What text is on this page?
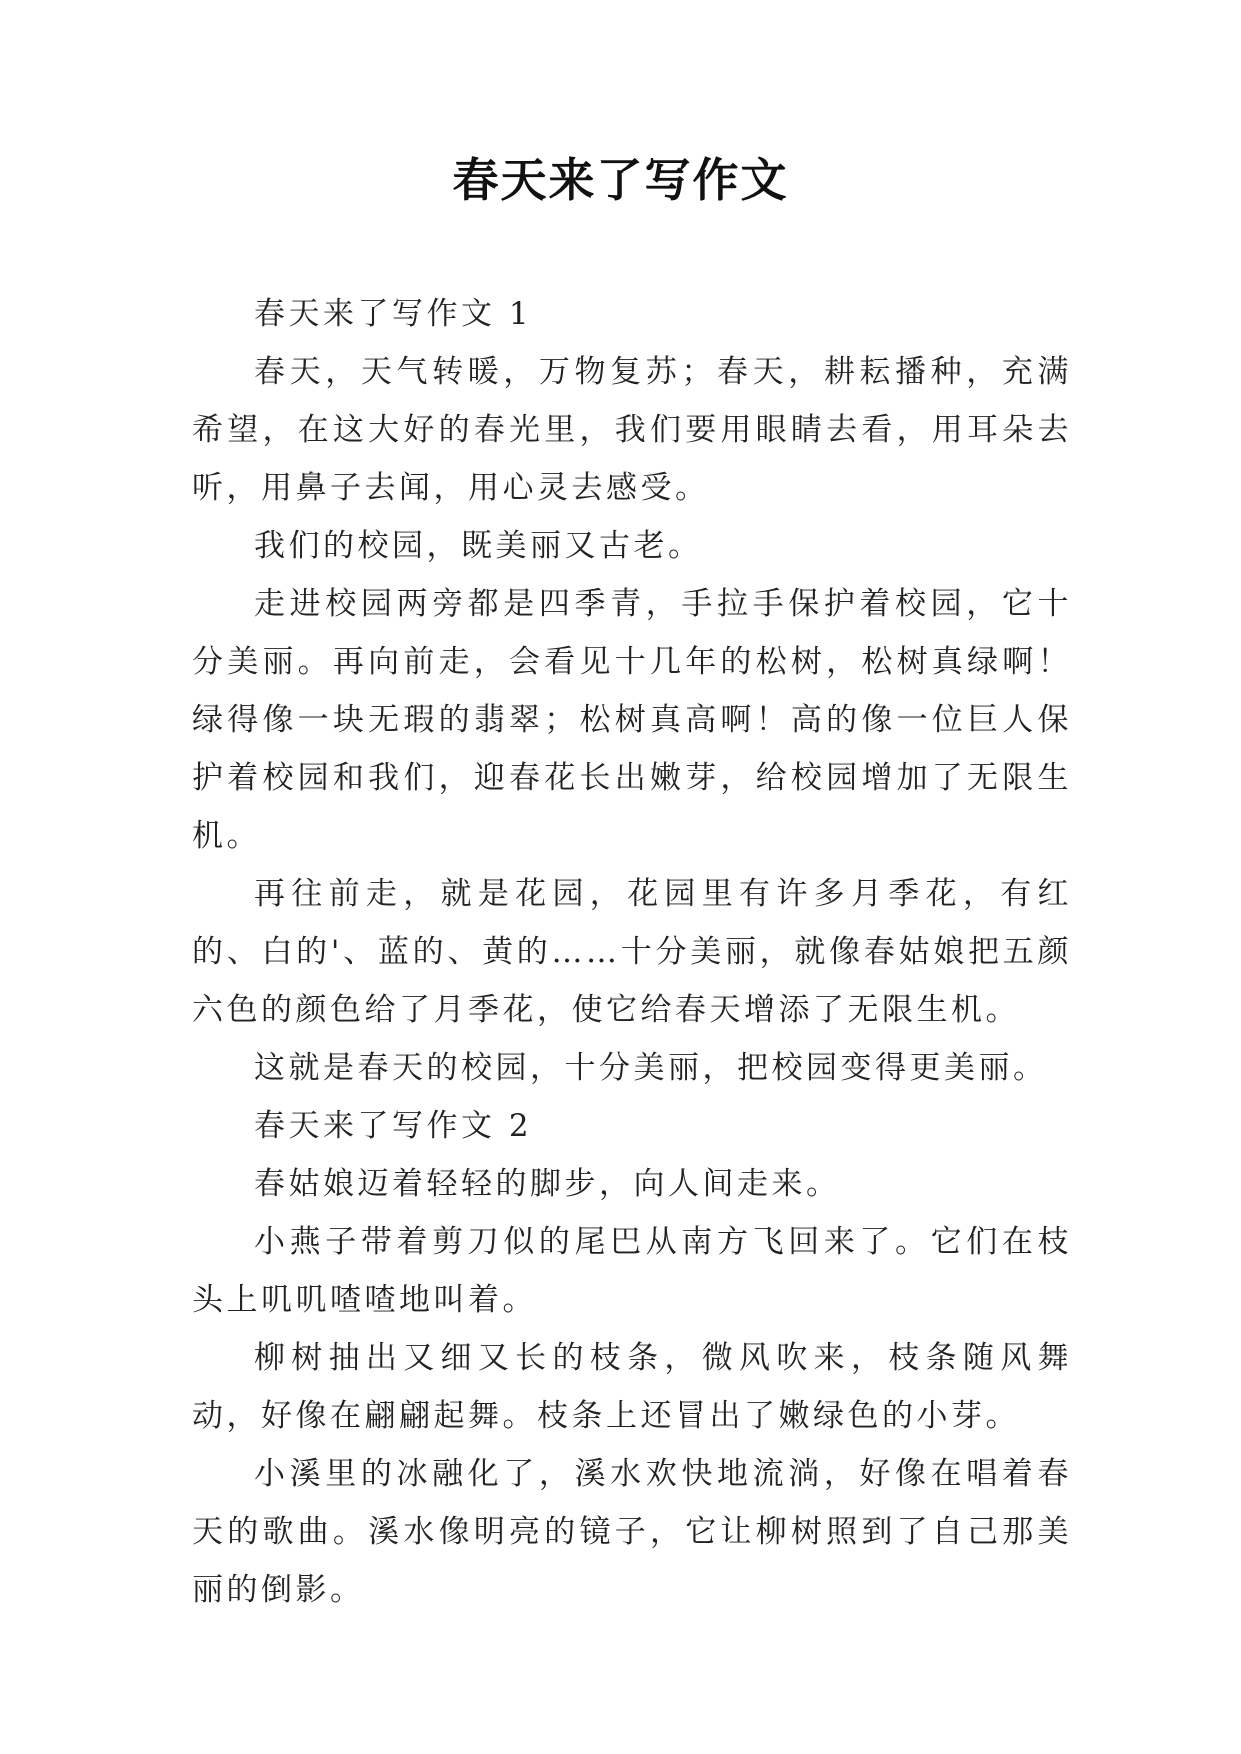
春天来了写作文

春天来了写作文 1

春天，天气转暖，万物复苏；春天，耕耘播种，充满希望，在这大好的春光里，我们要用眼睛去看，用耳朵去听，用鼻子去闻，用心灵去感受。

我们的校园，既美丽又古老。

走进校园两旁都是四季青，手拉手保护着校园，它十分美丽。再向前走，会看见十几年的松树，松树真绿啊！绿得像一块无瑕的翡翠；松树真高啊！高的像一位巨人保护着校园和我们，迎春花长出嫩芽，给校园增加了无限生机。

再往前走，就是花园，花园里有许多月季花，有红的、白的'、蓝的、黄的……十分美丽，就像春姑娘把五颜六色的颜色给了月季花，使它给春天增添了无限生机。

这就是春天的校园，十分美丽，把校园变得更美丽。

春天来了写作文 2

春姑娘迈着轻轻的脚步，向人间走来。

小燕子带着剪刀似的尾巴从南方飞回来了。它们在枝头上叽叽喳喳地叫着。

柳树抽出又细又长的枝条，微风吹来，枝条随风舞动，好像在翩翩起舞。枝条上还冒出了嫩绿色的小芽。

小溪里的冰融化了，溪水欢快地流淌，好像在唱着春天的歌曲。溪水像明亮的镜子，它让柳树照到了自己那美丽的倒影。
